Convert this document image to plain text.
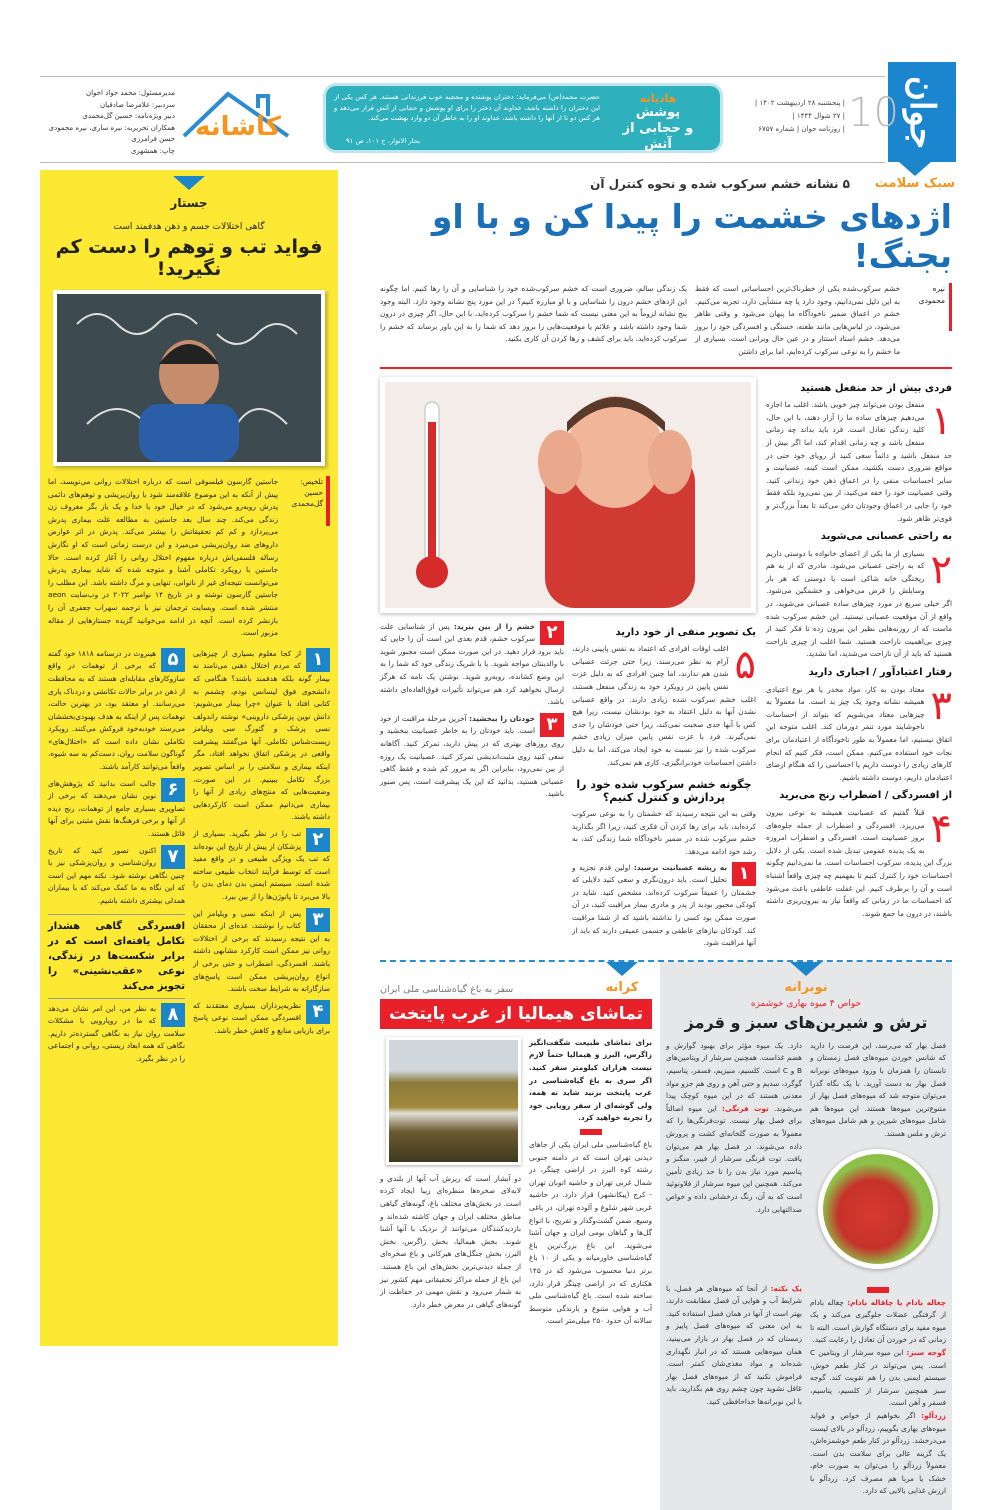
جوان
10
| پنجشنبه ۲۸ اردیبهشت ۱۴۰۲ |
| ۲۷ شوال ۱۴۴۴ |
| روزنامه جوان | شماره ۶۷۵۷
هادیانه
پوشش
و حجابی از آتش
حضرت محمد(ص) می‌فرماید: دختران پوشنده و محجبه خوب فرزندانی هستند. هر کس یکی از این دختران را داشته باشد، خداوند آن دختر را برای او پوشش و حجابی از آتش قرار می‌دهد و هر کس دو تا از آنها را داشته باشد، خداوند او را به خاطر آن دو وارد بهشت می‌کند.
بحار الانوار، ج ۱۰۱، ص ۹۱
کاشانه
مدیرمسئول: محمد جواد اخوان
سردبیر: غلامرضا صادقیان
دبیر ویژه‌نامه: حسین گل‌محمدی
همکاران تحریریه: نیره ساری، نیره محمودی
حسن فرامرزی
چاپ: همشهری
جستار
گاهی اختلالات جسم و ذهن هدفمند است
فواید تب و توهم را دست کم نگیرید!
تلخیص:
حسین گل‌محمدی
جاستین گارسون فیلسوفی است که درباره اختلالات روانی می‌نویسد، اما پیش از آنکه به این موضوع علاقه‌مند شود با روان‌پریشی و توهم‌های دائمی پدرش روبه‌رو می‌شود که در خیال خود با خدا و یک باز بگر معروف زن زندگی می‌کند. چند سال بعد جاستین به مطالعه علت بیماری پدرش می‌پردازد و کم کم تحقیقاتش را بیشتر می‌کند. پدرش در اثر عوارض داروهای ضد روان‌پریشی می‌میرد و این درست زمانی است که او نگارش رساله فلسفی‌اش درباره مفهوم اختلال روانی را آغاز کرده است. حالا جاستین با رویکرد تکاملی آشنا و متوجه شده که شاید بیماری پدرش می‌توانست نتیجه‌ای غیر از ناتوانی، تنهایی و مرگ داشته باشد. این مطلب را جاستین گارسون نوشته و در تاریخ ۱۴ نوامبر ۲۰۲۲ در وب‌سایت aeon منتشر شده است. وبسایت ترجمان نیز با ترجمه سهراب جعفری آن را بازنشر کرده است. آنچه در ادامه می‌خوانید گزیده جستارهایی از مقاله مزبور است.
۱
از کجا معلوم بسیاری از چیزهایی که مردم اختلال ذهنی می‌نامند نه بیمار گونه بلکه هدفمند باشند؟ هنگامی که دانشجوی فوق لیسانس بودم، چشمم به کتابی افتاد با عنوان «چرا بیمار می‌شویم: دانش نوین پزشکی داروینی» نوشته راندولف نسی پزشک و گئورگ سی ویلیامز زیست‌شناس تکاملی. آنها می‌گفتند پیشرفت واقعی در پزشکی اتفاق نخواهد افتاد، مگر اینکه بیماری و سلامتی را بر اساس تصویر بزرگ تکامل ببینیم. در این صورت، وضعیت‌هایی که منتج‌های زیادی از آنها را بیماری می‌دانیم ممکن است کارکردهایی داشته باشند.
۲
تب را در نظر بگیرید. بسیاری از پزشکان از پیش از تاریخ این بوده‌اند که تب یک ویژگی طبیعی و در واقع مفید است که توسط فرآیند انتخاب طبیعی ساخته شده است. سیستم ایمنی بدن دمای بدن را بالا می‌برد تا پاتوژن‌ها را از بین ببرد.
۳
پس از اینکه نسی و ویلیامز این کتاب را نوشتند، عده‌ای از محققان به این نتیجه رسیدند که برخی از اختلالات روانی نیز ممکن است کارکرد مشابهی داشته باشند. افسردگی، اضطراب و حتی برخی از انواع روان‌پریشی ممکن است پاسخ‌های سازگارانه به شرایط سخت باشند.
۴
نظریه‌پردازان بسیاری معتقدند که افسردگی ممکن است نوعی پاسخ برای بازیابی منابع و کاهش خطر باشد.
۵
هینروث در درسنامه ۱۸۱۸ خود گفته که برخی از توهمات در واقع سازوکارهای مقابله‌ای هستند که به محافظت از ذهن در برابر حالات تکانشی و دردناک یاری می‌رسانند. او معتقد بود، در بهترین حالت، توهمات پس از اینکه به هدف بهبودی‌بخششان می‌رسند خودبه‌خود فروکش می‌کنند. رویکرد تکاملی نشان داده است که «اختلال‌های» گوناگون سلامت روان، دست‌کم به سه شیوه، واقعاً می‌توانند کارآمد باشند.
۶
جالب است بدانید که پژوهش‌های نوین نشان می‌دهند که برخی از تصاویری بسیاری جامع از توهمات، رنج دیده از آنها و برخی فرهنگ‌ها نقش مثبتی برای آنها قائل هستند.
۷
اکنون تصور کنید که تاریخ روان‌شناسی و روان‌پزشکی نیز با چنین نگاهی نوشته شود. نکته مهم این است که این نگاه به ما کمک می‌کند که با بیماران همدلی بیشتری داشته باشیم.
افسردگی گاهی هشدار تکامل یافته‌ای است که در برابر شکست‌ها در زندگی، نوعی «عقب‌نشینی» را تجویز می‌کند
۸
به نظر من، این امر نشان می‌دهد که ما در رویارویی با مشکلات سلامت روان نیاز به نگاهی گسترده‌تر داریم. نگاهی که همه ابعاد زیستی، روانی و اجتماعی را در نظر بگیرد.
سبک سلامت
۵ نشانه خشم سرکوب شده و نحوه کنترل آن
اژدهای خشمت را پیدا کن و با او بجنگ!
نیره محمودی
خشم سرکوب‌شده یکی از خطرناک‌ترین احساساتی است که فقط به این دلیل نمی‌دانیم، وجود دارد یا چه منشأیی دارد، تجربه می‌کنیم. خشم در اعماق ضمیر ناخودآگاه ما پنهان می‌شود و وقتی ظاهر می‌شود، در لباس‌هایی مانند طعنه، خستگی و افسردگی خود را بروز می‌دهد. خشم استاد استتار و در عین حال ویرانی است. بسیاری از ما خشم را به نوعی سرکوب کرده‌ایم، اما برای داشتن
یک زندگی سالم، ضروری است که خشم سرکوب‌شده خود را شناسایی و آن را رها کنیم. اما چگونه این اژدهای خشم درون را شناسایی و با او مبارزه کنیم؟ در این مورد پنج نشانه وجود دارد. البته وجود پنج نشانه لزوماً به این معنی نیست که شما خشم را سرکوب کرده‌اید، با این حال، اگر چیزی در درون شما وجود داشته باشد و علائم یا موقعیت‌هایی را بروز دهد که شما را به این باور برساند که خشم را سرکوب کرده‌اید، باید برای کشف و رها کردن آن کاری بکنید.
فردی بیش از حد منفعل هستید
۱
منفعل بودن می‌تواند چیز خوبی باشد. اغلب ما اجازه می‌دهیم چیزهای ساده ما را آزار دهند، با این حال، کلید زندگی تعادل است. فرد باید بداند چه زمانی منفعل باشد و چه زمانی اقدام کند، اما اگر بیش از حد منفعل باشید و دائماً سعی کنید از رویای خود حتی در مواقع ضروری دست بکشید، ممکن است کینه، عصبانیت و سایر احساسات منفی را در اعماق ذهن خود زندانی کنید. وقتی عصبانیت خود را خفه می‌کنید، از بین نمی‌رود بلکه فقط خود را جایی در اعماق وجودتان دفن می‌کند تا بعداً بزرگ‌تر و قوی‌تر ظاهر شود.
به راحتی عصبانی می‌شوید
۲
بسیاری از ما یکی از اعضای خانواده یا دوستی داریم که به راحتی عصبانی می‌شود. مادری که از به هم ریختگی خانه شاکی است یا دوستی که هر بار وسایلش را قرض می‌خواهی و خشمگین می‌شود. اگر خیلی سریع در مورد چیزهای ساده عصبانی می‌شوید، در واقع از آن موقعیت عصبانی نیستید. این خشم سرکوب شده ماست که از روزنه‌هایی نظیر این بیرون زده تا فکر کنید از چیزی بی‌اهمیت ناراحت هستید. شما اغلب از چیزی ناراحت هستید که باید از آن ناراحت می‌شدید، اما نشدید.
رفتار اعتیادآور / اجباری دارید
۳
معتاد بودن به کار، مواد مخدر یا هر نوع اعتیادی همیشه نشانه وجود یک چیز بد است. ما معمولاً به چیزهایی معتاد می‌شویم که بتواند از احساسات ناخوشایند مورد تنفر دورمان کند. اغلب متوجه این اتفاق نیستیم، اما معمولاً به طور ناخودآگاه از اعتیادمان برای نجات خود استفاده می‌کنیم. ممکن است، فکر کنیم که انجام کارهای زیادی را دوست داریم یا احساسی را که هنگام ارضای اعتیادمان داریم، دوست داشته باشیم.
از افسردگی / اضطراب رنج می‌برید
۴
قبلاً گفتیم که عصبانیت همیشه به نوعی بیرون می‌ریزد. افسردگی و اضطراب از جمله جلوه‌های بروز عصبانیت است. افسردگی و اضطراب امروزه به یک پدیده عمومی تبدیل شده است. یکی از دلایل بزرگ این پدیده، سرکوب احساسات است. ما نمی‌دانیم چگونه احساسات خود را کنترل کنیم تا بفهمیم چه چیزی واقعاً اشتباه است و آن را برطرف کنیم. این غفلت عاطفی باعث می‌شود که احساسات ما در زمانی که واقعاً نیاز به بیرون‌ریزی داشته باشند، در درون ما جمع شوند.
یک تصویر منفی از خود دارید
۵
اغلب اوقات افرادی که اعتماد به نفس پایینی دارند، آرام به نظر می‌رسند، زیرا حتی جرئت عصبانی شدن هم ندارند، اما چنین افرادی که به دلیل عزت نفس پایین در رویکرد خود به زندگی منفعل هستند، اغلب خشم سرکوب شده زیادی دارند. در واقع عصبانی نشدن آنها به دلیل اعتقاد به خود بودنشان نیست، زیرا هیچ کس با آنها جدی صحبت نمی‌کند، زیرا حتی خودشان را جدی نمی‌گیرند. فرد با عزت نفس پایین میزان زیادی خشم سرکوب شده را نیز نسبت به خود ایجاد می‌کند، اما به دلیل داشتن احساسات خودبرانگیزی، کاری هم نمی‌کند.
چگونه خشم سرکوب شده خود را پردازش و کنترل کنیم؟
وقتی به این نتیجه رسیدید که خشمتان را به نوعی سرکوب کرده‌اید، باید برای رها کردن آن فکری کنید، زیرا اگر بگذارید خشم سرکوب شده در ضمیر ناخودآگاه شما زندگی کند، به رشد خود ادامه می‌دهد.
۱
به ریشه عصبانیت برسید: اولین قدم تجزیه و تحلیل است. باید درون‌نگری و سعی کنید دلایلی که خشمتان را عمیقاً سرکوب کرده‌اند، مشخص کنید. شاید در کودکی مجبور بودید از پدر و مادری بیمار مراقبت کنید، در آن صورت ممکن بود کسی را نداشته باشید که از شما مراقبت کند. کودکان نیازهای عاطفی و جسمی عمیقی دارند که باید از آنها مراقبت شود.
۲
خشم را از بین ببرید: پس از شناسایی علت سرکوب خشم، قدم بعدی این است آن را جایی که باید برود قرار دهید. در این صورت ممکن است مجبور شوید با والدینتان مواجه شوید. یا با شریک زندگی خود که شما را به این وضع کشانده، روبه‌رو شوید. نوشتن یک نامه که هرگز ارسال نخواهید کرد هم می‌تواند تأثیرات فوق‌العاده‌ای داشته باشد.
۳
خودتان را ببخشید: آخرین مرحله مراقبت از خود است. باید خودتان را به خاطر عصبانیت ببخشید و روی روزهای بهتری که در پیش دارید، تمرکز کنید. آگاهانه سعی کنید روی مثبت‌اندیشی تمرکز کنید. عصبانیت یک روزه از بین نمی‌رود، بنابراین اگر به مرور کم شده و فقط گاهی عصبانی هستید، بدانید که این یک پیشرفت است، پس صبور باشید.
نوبرانه
خواص ۴ میوه بهاری خوشمزه
ترش و شیرین‌های سبز و قرمز
فصل بهار که می‌رسد، این فرصت را دارید که شانس خوردن میوه‌های فصل زمستان و تابستان را همزمان با ورود میوه‌های نوبرانه فصل بهار به دست آورید. با یک نگاه گذرا می‌توان متوجه شد که میوه‌های فصل بهار از متنوع‌ترین میوه‌ها هستند. این میوه‌ها هم شامل میوه‌های شیرین و هم شامل میوه‌های ترش و ملس هستند.
دارد. یک میوه مؤثر برای بهبود گوارش و هضم غذاست. همچنین سرشار از ویتامین‌های B و C است. کلسیم، منیزیم، فسفر، پتاسیم، گوگرد، سدیم و حتی آهن و روی هم جزو مواد معدنی هستند که در این میوه کوچک پیدا می‌شوند. توت فرنگی: این میوه اصالتاً برای فصل بهار نیست. توت‌فرنگی‌ها را که معمولاً به صورت گلخانه‌ای کشت و پرورش داده می‌شوند، در فصل بهار هم می‌توان یافت. توت فرنگی سرشار از فیبر، منگنز و پتاسیم مورد نیاز بدن را تا حد زیادی تأمین می‌کند. همچنین این میوه سرشار از فلاونوئید است که به آن، رنگ درخشانی داده و خواص ضدالتهابی دارد.
چغاله بادام یا چاقاله بادام: چغاله بادام از گرفتگی عضلات جلوگیری می‌کند و یک میوه مفید برای دستگاه گوارش است. البته تا زمانی که در خوردن آن تعادل را رعایت کنید.
گوجه سبز: این میوه سرشار از ویتامین C است. پس می‌تواند در کنار طعم خوش، سیستم ایمنی بدن را هم تقویت کند. گوجه سبز همچنین سرشار از کلسیم، پتاسیم، فسفر و آهن است.
زردآلو: اگر بخواهیم از خواص و فواید میوه‌های بهاری بگوییم، زردآلو در بالای لیست می‌درخشد. زردآلو در کنار طعم خوشمزه‌اش، یک گزینه عالی برای سلامت بدن است. معمولاً زردآلو را می‌توان به صورت خام، خشک یا مربا هم مصرف کرد. زردآلو با ارزش غذایی بالایی که دارد.
یک نکته: از آنجا که میوه‌های هر فصل، با شرایط آب و هوایی آن فصل مطابقت دارند، بهتر است از آنها در همان فصل استفاده کنید. به این معنی که میوه‌های فصل پاییز و زمستان که در فصل بهار در بازار می‌بینید، همان میوه‌هایی هستند که در انبار نگهداری شده‌اند و مواد مغذی‌شان کمتر است. فراموش نکنید که از میوه‌های فصل بهار غافل نشوید چون چشم روی هم بگذارید، باید با این نوبرانه‌ها خداحافظی کنید.
کرانه
سفر به باغ گیاه‌شناسی ملی ایران
تماشای هیمالیا از غرب پایتخت
برای تماشای طبیعت شگفت‌انگیز زاگرس، البرز و هیمالیا حتماً لازم نیست هزاران کیلومتر سفر کنید. اگر سری به باغ گیاه‌شناسی در غرب پایتخت بزنید شاید نه همه، ولی گوشه‌ای از سفر رویایی خود را تجربه خواهید کرد.
باغ گیاه‌شناسی ملی ایران یکی از جاهای دیدنی تهران است که در دامنه جنوبی رشته کوه البرز در اراضی چیتگر، در شمال غربی تهران و حاشیه اتوبان تهران - کرج (پیکانشهر) قرار دارد. در حاشیه غربی شهر شلوغ و آلوده تهران، در باغی وسیع، ضمن گشت‌وگذار و تفریح، با انواع گل‌ها و گیاهان بومی ایران و جهان آشنا می‌شوید. این باغ بزرگ‌ترین باغ گیاه‌شناسی خاورمیانه و یکی از ۱۰ باغ برتر دنیا محسوب می‌شود که در ۱۴۵ هکتاری که در اراضی چیتگر قرار دارد، ساخته شده است. باغ گیاه‌شناسی ملی آب و هوایی متنوع و بارندگی متوسط سالانه آن حدود ۲۵۰ میلی‌متر است.
دو آبشار است که ریزش آب آنها از بلندی و لابه‌لای صخره‌ها منظره‌ای زیبا ایجاد کرده است. در بخش‌های مختلف باغ، گونه‌های گیاهی مناطق مختلف ایران و جهان کاشته شده‌اند و بازدیدکنندگان می‌توانند از نزدیک با آنها آشنا شوند. بخش هیمالیا، بخش زاگرس، بخش البرز، بخش جنگل‌های هیرکانی و باغ صخره‌ای از جمله دیدنی‌ترین بخش‌های این باغ هستند. این باغ از جمله مراکز تحقیقاتی مهم کشور نیز به شمار می‌رود و نقش مهمی در حفاظت از گونه‌های گیاهی در معرض خطر دارد.
